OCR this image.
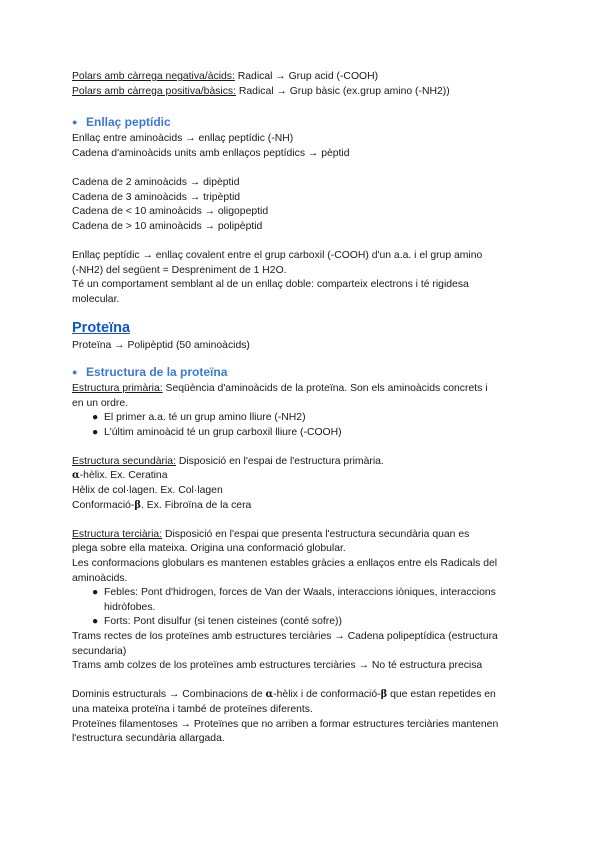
Polars amb càrrega negativa/àcids: Radical → Grup acid (-COOH)
Polars amb càrrega positiva/bàsics: Radical → Grup bàsic (ex.grup amino (-NH2))
● Enllaç peptídic
Enllaç entre aminoàcids → enllaç peptídic (-NH)
Cadena d'aminoàcids units amb enllaços peptídics → pèptid
Cadena de 2 aminoàcids → dipèptid
Cadena de 3 aminoàcids → tripèptid
Cadena de < 10 aminoàcids → oligopeptid
Cadena de > 10 aminoàcids → polipèptid
Enllaç peptídic → enllaç covalent entre el grup carboxil (-COOH) d'un a.a. i el grup amino
(-NH2) del següent = Despreniment de 1 H2O.
Té un comportament semblant al de un enllaç doble: comparteix electrons i té rigidesa
molecular.
Proteïna
Proteïna → Polipèptid (50 aminoàcids)
● Estructura de la proteïna
Estructura primària: Seqüència d'aminoàcids de la proteïna. Son els aminoàcids concrets i
en un ordre.
● El primer a.a. té un grup amino lliure (-NH2)
● L'últim aminoàcid té un grup carboxil lliure (-COOH)
Estructura secundària: Disposició en l'espai de l'estructura primària.
α-hèlix. Ex. Ceratina
Hèlix de col·lagen. Ex. Col·lagen
Conformació-β. Ex. Fibroïna de la cera
Estructura terciària: Disposició en l'espai que presenta l'estructura secundària quan es
plega sobre ella mateixa. Origina una conformació globular.
Les conformacions globulars es mantenen estables gràcies a enllaços entre els Radicals del
aminoàcids.
● Febles: Pont d'hidrogen, forces de Van der Waals, interaccions iòniques, interaccions
hidròfobes.
● Forts: Pont disulfur (si tenen cisteines (conté sofre))
Trams rectes de los proteïnes amb estructures terciàries → Cadena polipeptídica (estructura
secundaria)
Trams amb colzes de los proteïnes amb estructures terciàries → No té estructura precisa
Dominis estructurals → Combinacions de α-hèlix i de conformació-β que estan repetides en
una mateixa proteïna i també de proteïnes diferents.
Proteïnes filamentoses → Proteïnes que no arriben a formar estructures terciàries mantenen
l'estructura secundària allargada.
